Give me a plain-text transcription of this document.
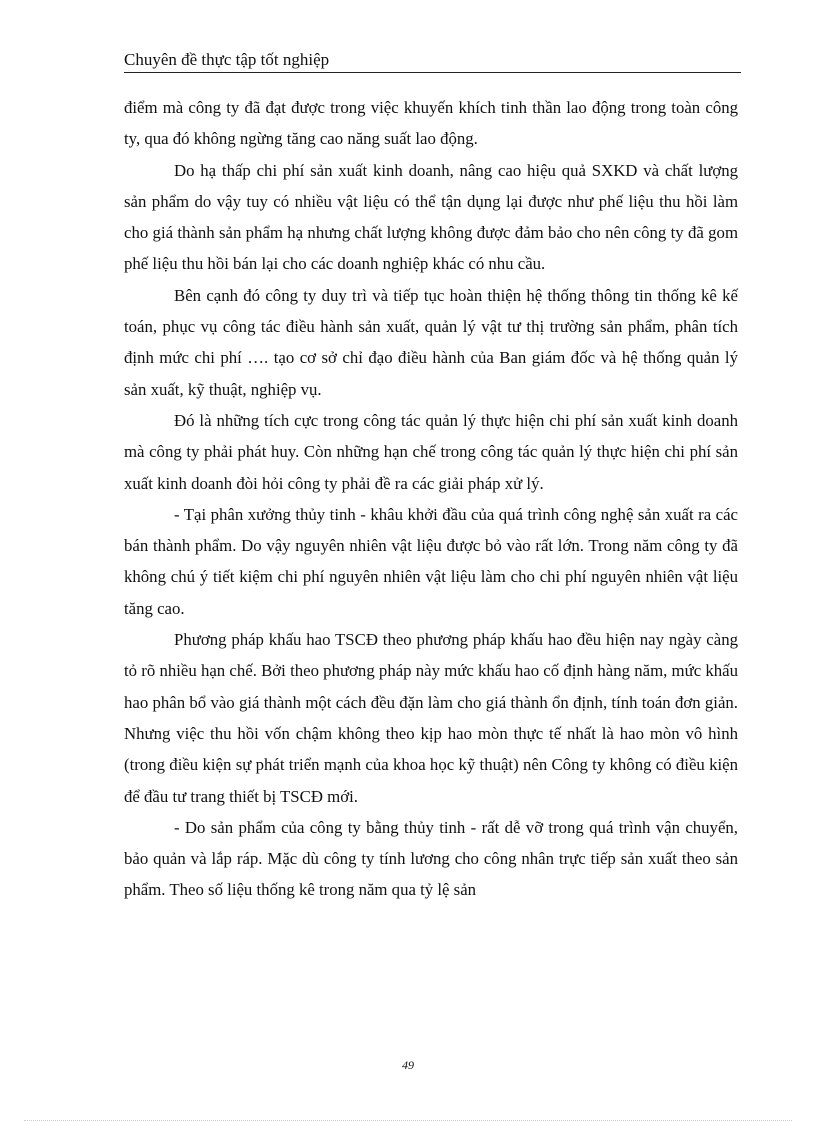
Chuyên đề thực tập tốt nghiệp

điểm mà công ty đã đạt được trong việc khuyến khích tinh thần lao động trong toàn công ty, qua đó không ngừng tăng cao năng suất lao động.

Do hạ thấp chi phí sản xuất kinh doanh, nâng cao hiệu quả SXKD và chất lượng sản phẩm do vậy tuy có nhiều vật liệu có thể tận dụng lại được như phế liệu thu hồi làm cho giá thành sản phẩm hạ nhưng chất lượng không được đảm bảo cho nên công ty đã gom phế liệu thu hồi bán lại cho các doanh nghiệp khác có nhu cầu.

Bên cạnh đó công ty duy trì và tiếp tục hoàn thiện hệ thống thông tin thống kê kế toán, phục vụ công tác điều hành sản xuất, quản lý vật tư thị trường sản phẩm, phân tích định mức chi phí …. tạo cơ sở chỉ đạo điều hành của Ban giám đốc và hệ thống quản lý sản xuất, kỹ thuật, nghiệp vụ.

Đó là những tích cực trong công tác quản lý thực hiện chi phí sản xuất kinh doanh mà công ty phải phát huy. Còn những hạn chế trong công tác quản lý thực hiện chi phí sản xuất kinh doanh đòi hỏi công ty phải đề ra các giải pháp xử lý.

- Tại phân xưởng thủy tinh - khâu khởi đầu của quá trình công nghệ sản xuất ra các bán thành phẩm. Do vậy nguyên nhiên vật liệu được bỏ vào rất lớn. Trong năm công ty đã không chú ý tiết kiệm chi phí nguyên nhiên vật liệu làm cho chi phí nguyên nhiên vật liệu tăng cao.

Phương pháp khấu hao TSCĐ theo phương pháp khấu hao đều hiện nay ngày càng tỏ rõ nhiều hạn chế. Bởi theo phương pháp này mức khấu hao cố định hàng năm, mức khấu hao phân bổ vào giá thành một cách đều đặn làm cho giá thành ổn định, tính toán đơn giản. Nhưng việc thu hồi vốn chậm không theo kịp hao mòn thực tế nhất là hao mòn vô hình (trong điều kiện sự phát triển mạnh của khoa học kỹ thuật) nên Công ty không có điều kiện để đầu tư trang thiết bị TSCĐ mới.

- Do sản phẩm của công ty bằng thủy tinh - rất dễ vỡ trong quá trình vận chuyển, bảo quản và lắp ráp. Mặc dù công ty tính lương cho công nhân trực tiếp sản xuất theo sản phẩm. Theo số liệu thống kê trong năm qua tỷ lệ sản

49
